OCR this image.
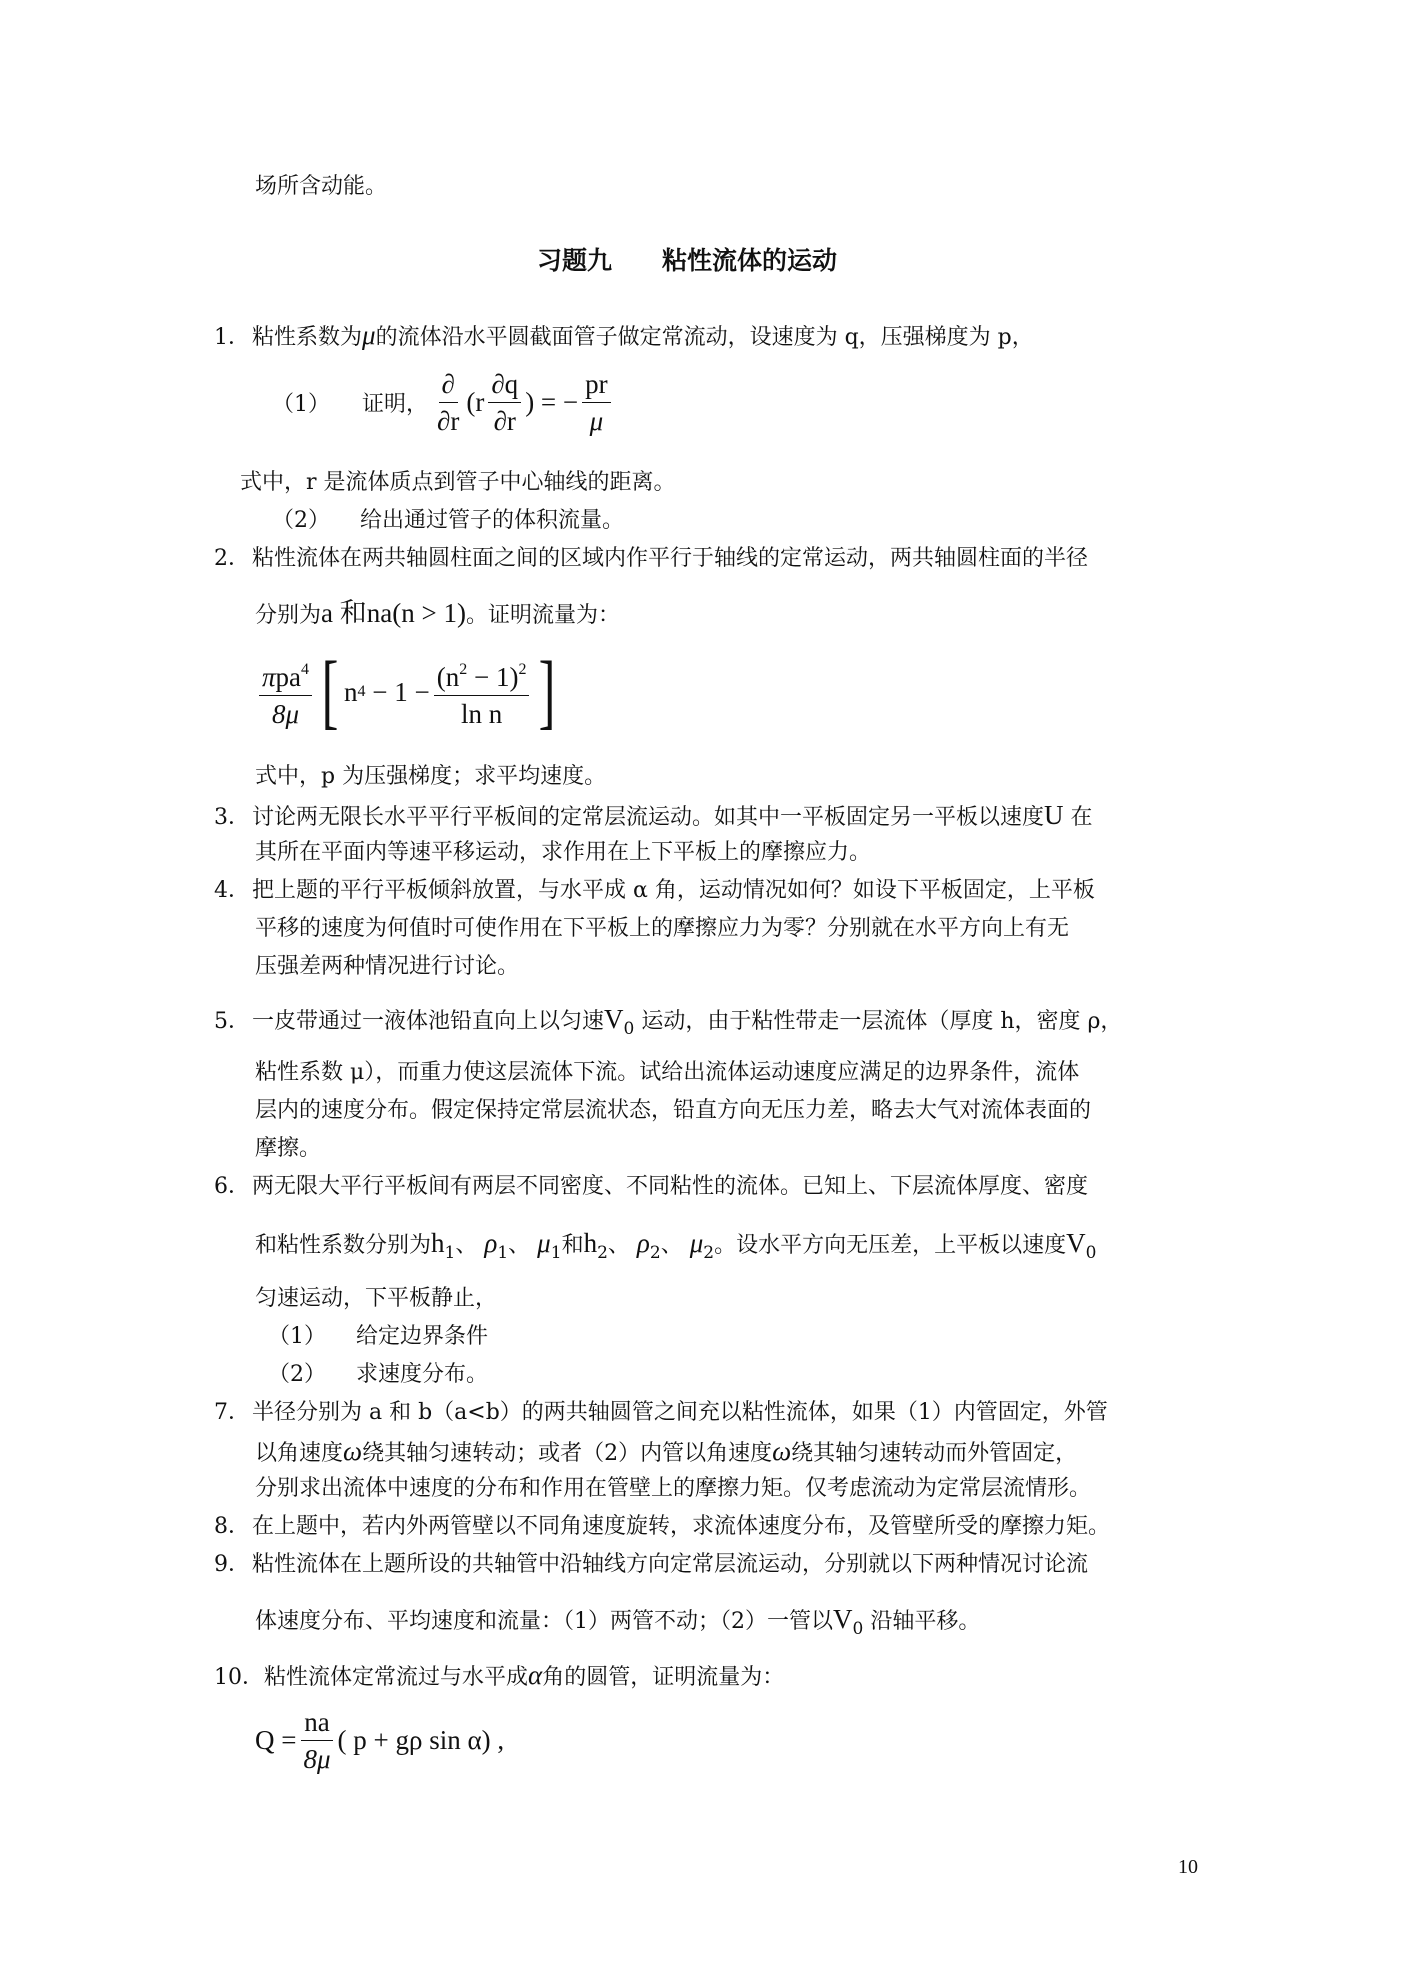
场所含动能。
习题九　　粘性流体的运动
1．粘性系数为μ的流体沿水平圆截面管子做定常流动，设速度为 q，压强梯度为 p，
（1） 证明， $\frac{\partial}{\partial r} (r \frac{\partial q}{\partial r}$ ) = − $\frac{pr}{\mu}$
式中，r 是流体质点到管子中心轴线的距离。
（2） 给出通过管子的体积流量。
2．粘性流体在两共轴圆柱面之间的区域内作平行于轴线的定常运动，两共轴圆柱面的半径
分别为a 和na(n > 1)。证明流量为：
$\frac{\pi pa^4}{8\mu}$ [ n $4 - 1 - \frac{(n^2 - 1)^2}{\text{ln n}}$ ]
式中，p 为压强梯度；求平均速度。
3．讨论两无限长水平平行平板间的定常层流运动。如其中一平板固定另一平板以速度U 在
其所在平面内等速平移运动，求作用在上下平板上的摩擦应力。
4．把上题的平行平板倾斜放置，与水平成 α 角，运动情况如何？如设下平板固定，上平板
平移的速度为何值时可使作用在下平板上的摩擦应力为零？分别就在水平方向上有无
压强差两种情况进行讨论。
5．一皮带通过一液体池铅直向上以匀速$V_0$ 运动，由于粘性带走一层流体（厚度 h，密度 ρ，
粘性系数 μ），而重力使这层流体下流。试给出流体运动速度应满足的边界条件，流体
层内的速度分布。假定保持定常层流状态，铅直方向无压力差，略去大气对流体表面的
摩擦。
6．两无限大平行平板间有两层不同密度、不同粘性的流体。已知上、下层流体厚度、密度
和粘性系数分别为$h_1$、 $\rho_1$、 $\mu_1$和$h_2$、 $\rho_2$、 $\mu_2$。设水平方向无压差，上平板以速度$V_0$
匀速运动，下平板静止，
（1） 给定边界条件
（2） 求速度分布。
7．半径分别为 a 和 b（a<b）的两共轴圆管之间充以粘性流体，如果（1）内管固定，外管
以角速度ω绕其轴匀速转动；或者（2）内管以角速度ω绕其轴匀速转动而外管固定，
分别求出流体中速度的分布和作用在管壁上的摩擦力矩。仅考虑流动为定常层流情形。
8．在上题中，若内外两管壁以不同角速度旋转，求流体速度分布，及管壁所受的摩擦力矩。
9．粘性流体在上题所设的共轴管中沿轴线方向定常层流运动，分别就以下两种情况讨论流
体速度分布、平均速度和流量：（1）两管不动；（2）一管以$V_0$ 沿轴平移。
10．粘性流体定常流过与水平成α角的圆管，证明流量为：
$Q = \frac{na}{8\mu}$ ( p + gρ sin α) ,
10
